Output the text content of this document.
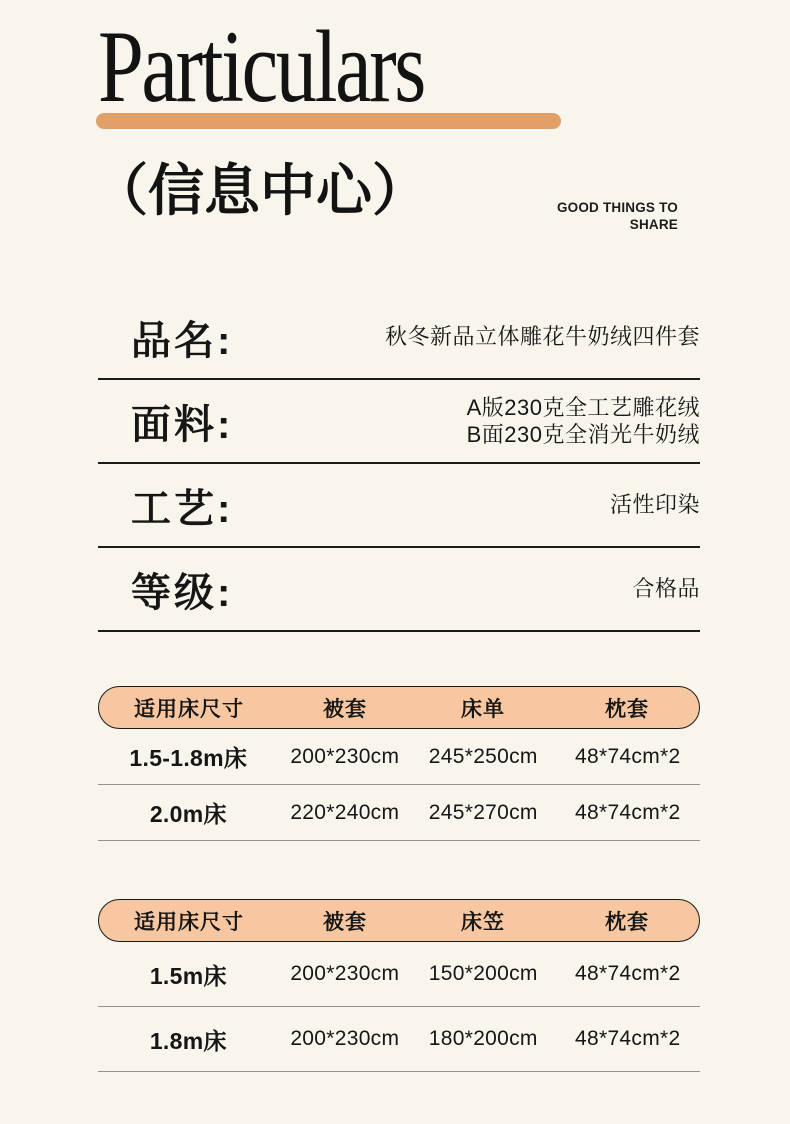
Particulars
（信息中心）	GOOD THINGS TO
SHARE
品名:	秋冬新品立体雕花牛奶绒四件套
面料:	A版230克全工艺雕花绒
B面230克全消光牛奶绒
工艺:	活性印染
等级:	合格品
适用床尺寸	被套	床单	枕套
1.5-1.8m床	200*230cm	245*250cm	48*74cm*2
2.0m床	220*240cm	245*270cm	48*74cm*2
适用床尺寸	被套	床笠	枕套
1.5m床	200*230cm	150*200cm	48*74cm*2
1.8m床	200*230cm	180*200cm	48*74cm*2
